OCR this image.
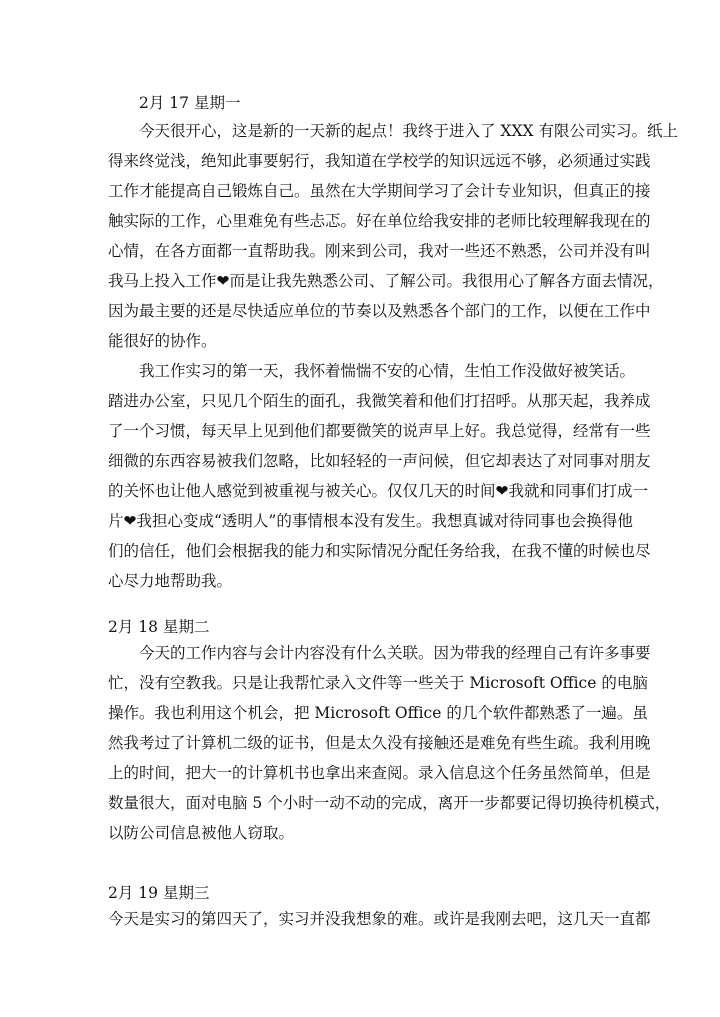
2月 17 星期一
今天很开心，这是新的一天新的起点！我终于进入了 XXX 有限公司实习。纸上
得来终觉浅，绝知此事要躬行，我知道在学校学的知识远远不够，必须通过实践
工作才能提高自己锻炼自己。虽然在大学期间学习了会计专业知识，但真正的接
触实际的工作，心里难免有些忐忑。好在单位给我安排的老师比较理解我现在的
心情，在各方面都一直帮助我。刚来到公司，我对一些还不熟悉，公司并没有叫
我马上投入工作❤而是让我先熟悉公司、了解公司。我很用心了解各方面去情况，
因为最主要的还是尽快适应单位的节奏以及熟悉各个部门的工作，以便在工作中
能很好的协作。
我工作实习的第一天，我怀着惴惴不安的心情，生怕工作没做好被笑话。
踏进办公室，只见几个陌生的面孔，我微笑着和他们打招呼。从那天起，我养成
了一个习惯，每天早上见到他们都要微笑的说声早上好。我总觉得，经常有一些
细微的东西容易被我们忽略，比如轻轻的一声问候，但它却表达了对同事对朋友
的关怀也让他人感觉到被重视与被关心。仅仅几天的时间❤我就和同事们打成一
片❤我担心变成“透明人”的事情根本没有发生。我想真诚对待同事也会换得他
们的信任，他们会根据我的能力和实际情况分配任务给我，在我不懂的时候也尽
心尽力地帮助我。
2月 18 星期二
今天的工作内容与会计内容没有什么关联。因为带我的经理自己有许多事要
忙，没有空教我。只是让我帮忙录入文件等一些关于 Microsoft Office 的电脑
操作。我也利用这个机会，把 Microsoft Office 的几个软件都熟悉了一遍。虽
然我考过了计算机二级的证书，但是太久没有接触还是难免有些生疏。我利用晚
上的时间，把大一的计算机书也拿出来查阅。录入信息这个任务虽然简单，但是
数量很大，面对电脑 5 个小时一动不动的完成，离开一步都要记得切换待机模式，
以防公司信息被他人窃取。
2月 19 星期三
今天是实习的第四天了，实习并没我想象的难。或许是我刚去吧，这几天一直都
